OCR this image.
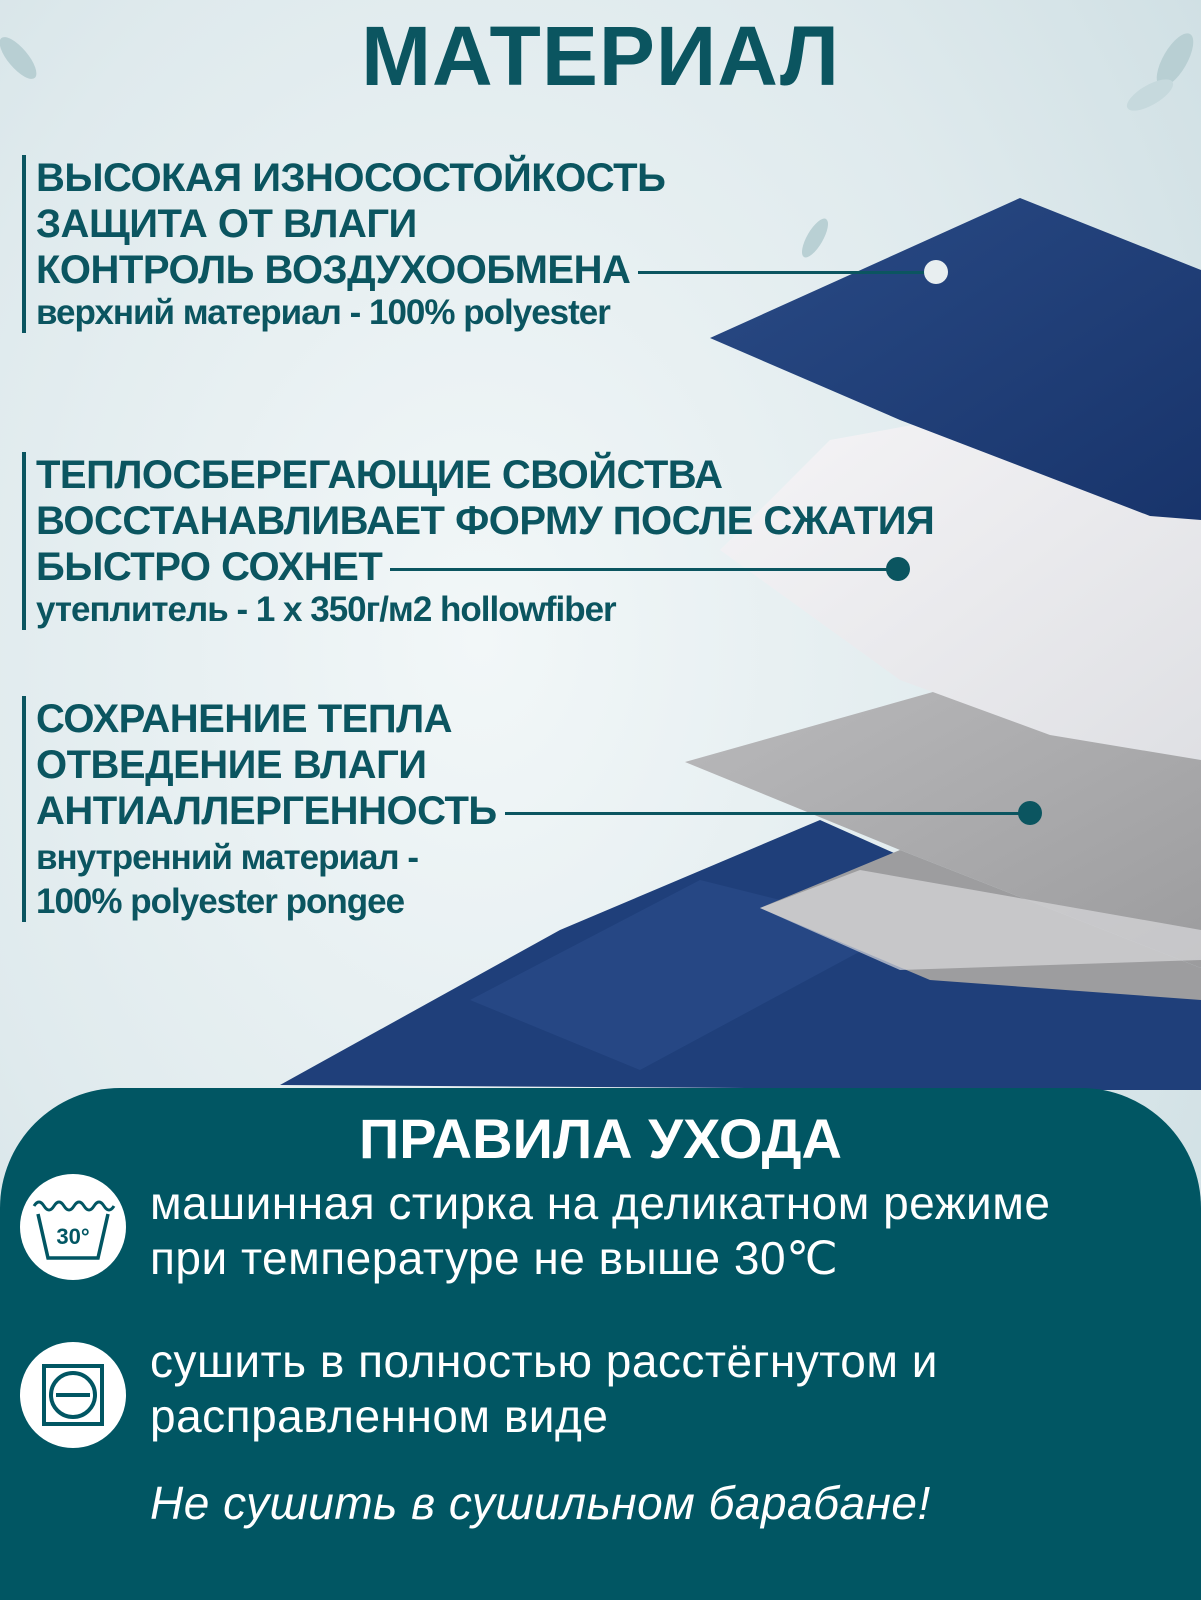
МАТЕРИАЛ
ВЫСОКАЯ ИЗНОСОСТОЙКОСТЬ
ЗАЩИТА ОТ ВЛАГИ
КОНТРОЛЬ ВОЗДУХООБМЕНА
верхний материал - 100% polyester
ТЕПЛОСБЕРЕГАЮЩИЕ СВОЙСТВА
ВОССТАНАВЛИВАЕТ ФОРМУ ПОСЛЕ СЖАТИЯ
БЫСТРО СОХНЕТ
утеплитель - 1 х 350г/м2 hollowfiber
СОХРАНЕНИЕ ТЕПЛА
ОТВЕДЕНИЕ ВЛАГИ
АНТИАЛЛЕРГЕННОСТЬ
внутренний материал -
100% polyester pongee
ПРАВИЛА УХОДА
30°
машинная стирка на деликатном режиме
при температуре не выше 30℃
сушить в полностью расстёгнутом и
расправленном виде
Не сушить в сушильном барабане!
